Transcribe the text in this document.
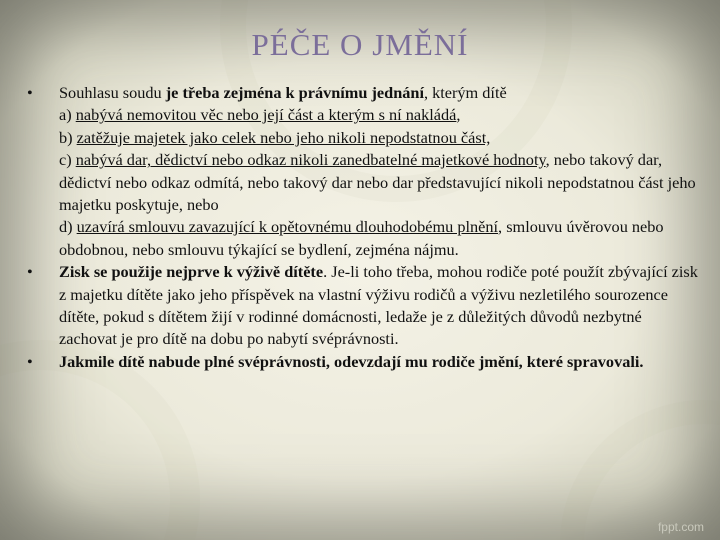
PÉČE O JMĚNÍ

• Souhlasu soudu je třeba zejména k právnímu jednání, kterým dítě
a) nabývá nemovitou věc nebo její část a kterým s ní nakládá,
b) zatěžuje majetek jako celek nebo jeho nikoli nepodstatnou část,
c) nabývá dar, dědictví nebo odkaz nikoli zanedbatelné majetkové hodnoty, nebo takový dar, dědictví nebo odkaz odmítá, nebo takový dar nebo dar představující nikoli nepodstatnou část jeho majetku poskytuje, nebo
d) uzavírá smlouvu zavazující k opětovnému dlouhodobému plnění, smlouvu úvěrovou nebo obdobnou, nebo smlouvu týkající se bydlení, zejména nájmu.

• Zisk se použije nejprve k výživě dítěte. Je-li toho třeba, mohou rodiče poté použít zbývající zisk z majetku dítěte jako jeho příspěvek na vlastní výživu rodičů a výživu nezletilého sourozence dítěte, pokud s dítětem žijí v rodinné domácnosti, ledaže je z důležitých důvodů nezbytné zachovat je pro dítě na dobu po nabytí svéprávnosti.

• Jakmile dítě nabude plné svéprávnosti, odevzdají mu rodiče jmění, které spravovali.

fppt.com
